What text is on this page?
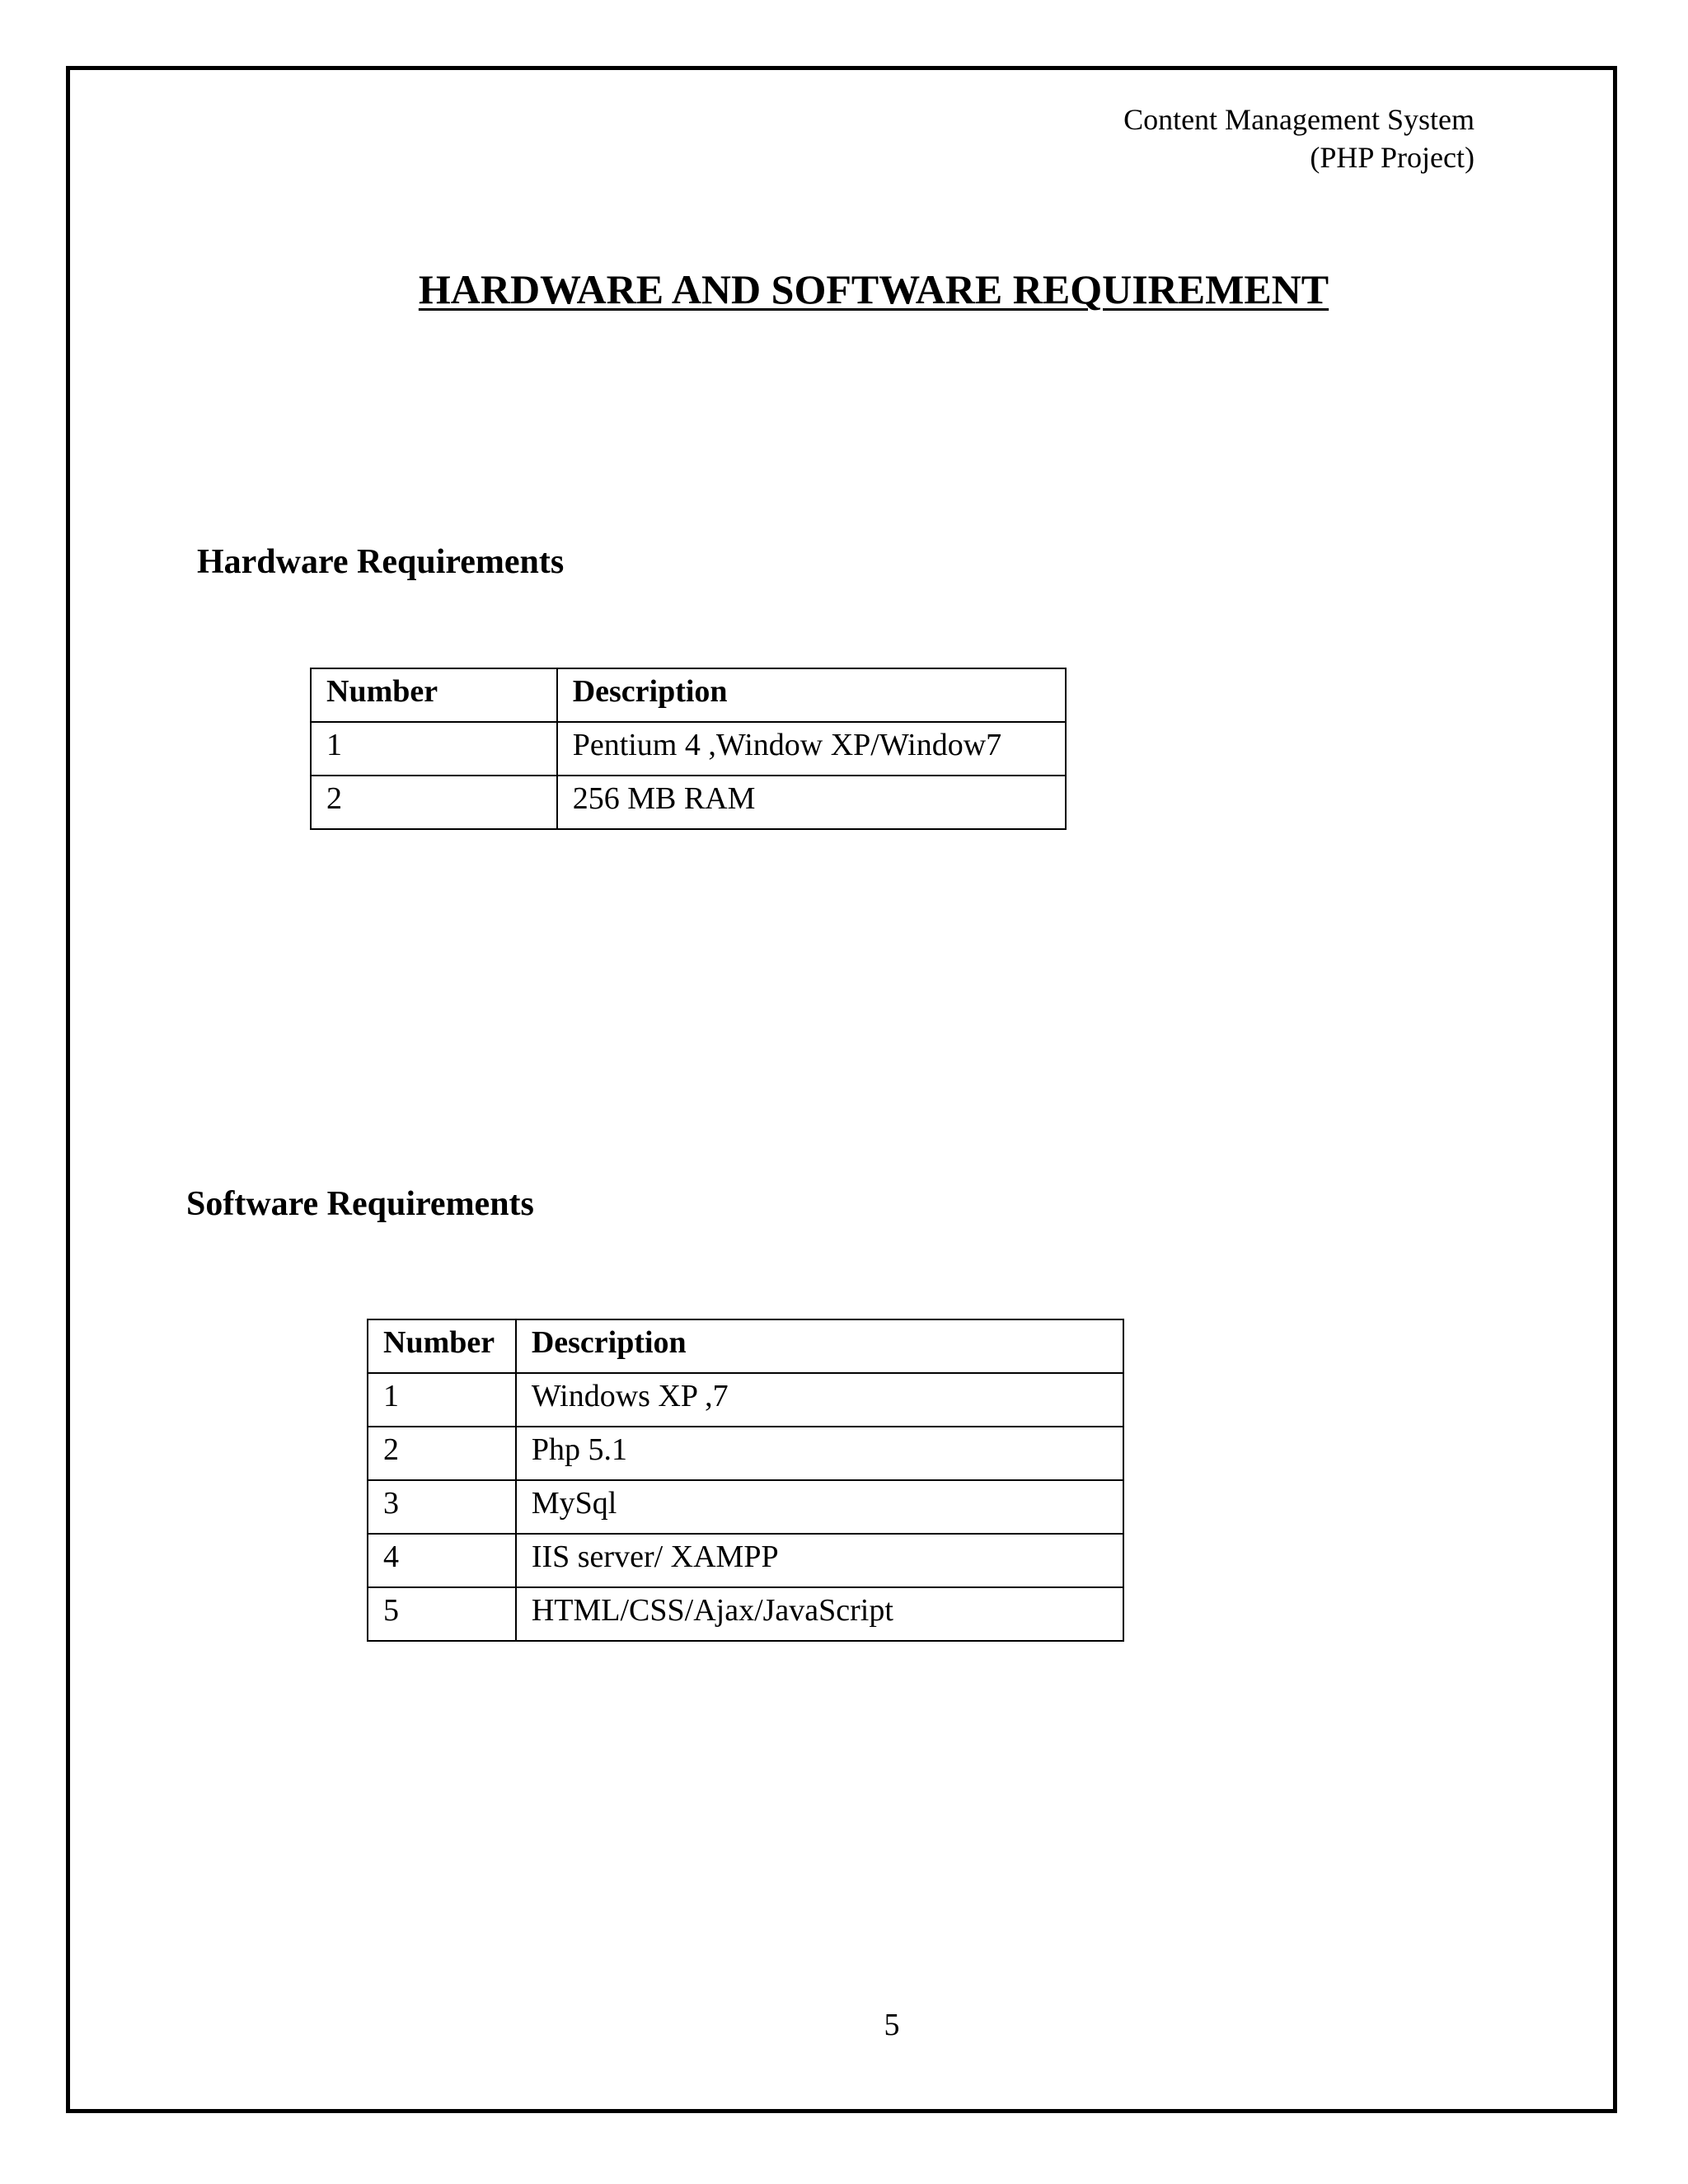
Content Management System
(PHP Project)
HARDWARE AND SOFTWARE REQUIREMENT
Hardware Requirements
Number	Description
1	Pentium 4 ,Window XP/Window7
2	256 MB RAM
Software Requirements
Number	Description
1	Windows XP ,7
2	Php 5.1
3	MySql
4	IIS server/ XAMPP
5	HTML/CSS/Ajax/JavaScript
5
